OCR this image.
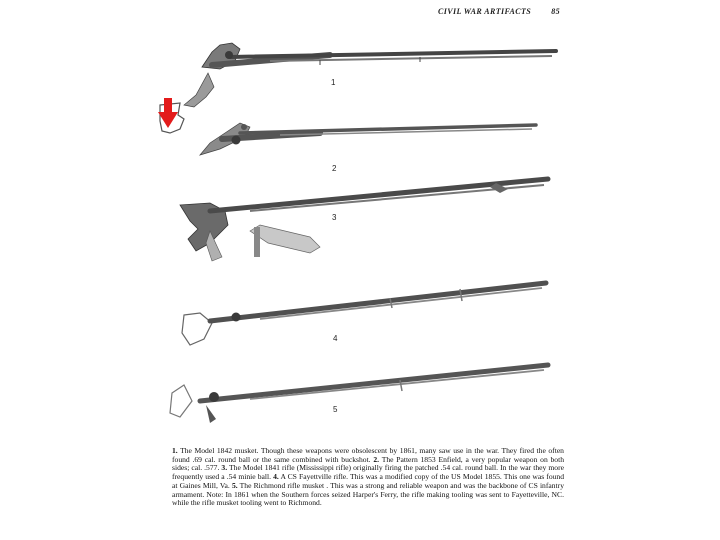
CIVIL WAR ARTIFACTS	85
1
2
3
4
5
1. The Model 1842 musket. Though these weapons were obsolescent by 1861, many saw use in the war. They fired the often found .69 cal. round ball or the same combined with buckshot. 2. The Pattern 1853 Enfield, a very popular weapon on both sides; cal. .577. 3. The Model 1841 rifle (Mississippi rifle) originally firing the patched .54 cal. round ball. In the war they more frequently used a .54 minie ball. 4. A CS Fayettville rifle. This was a modified copy of the US Model 1855. This one was found at Gaines Mill, Va. 5. The Richmond rifle musket . This was a strong and reliable weapon and was the backbone of CS infantry armament. Note: In 1861 when the Southern forces seized Harper's Ferry, the rifle making tooling was sent to Fayetteville, NC. while the rifle musket tooling went to Richmond.
